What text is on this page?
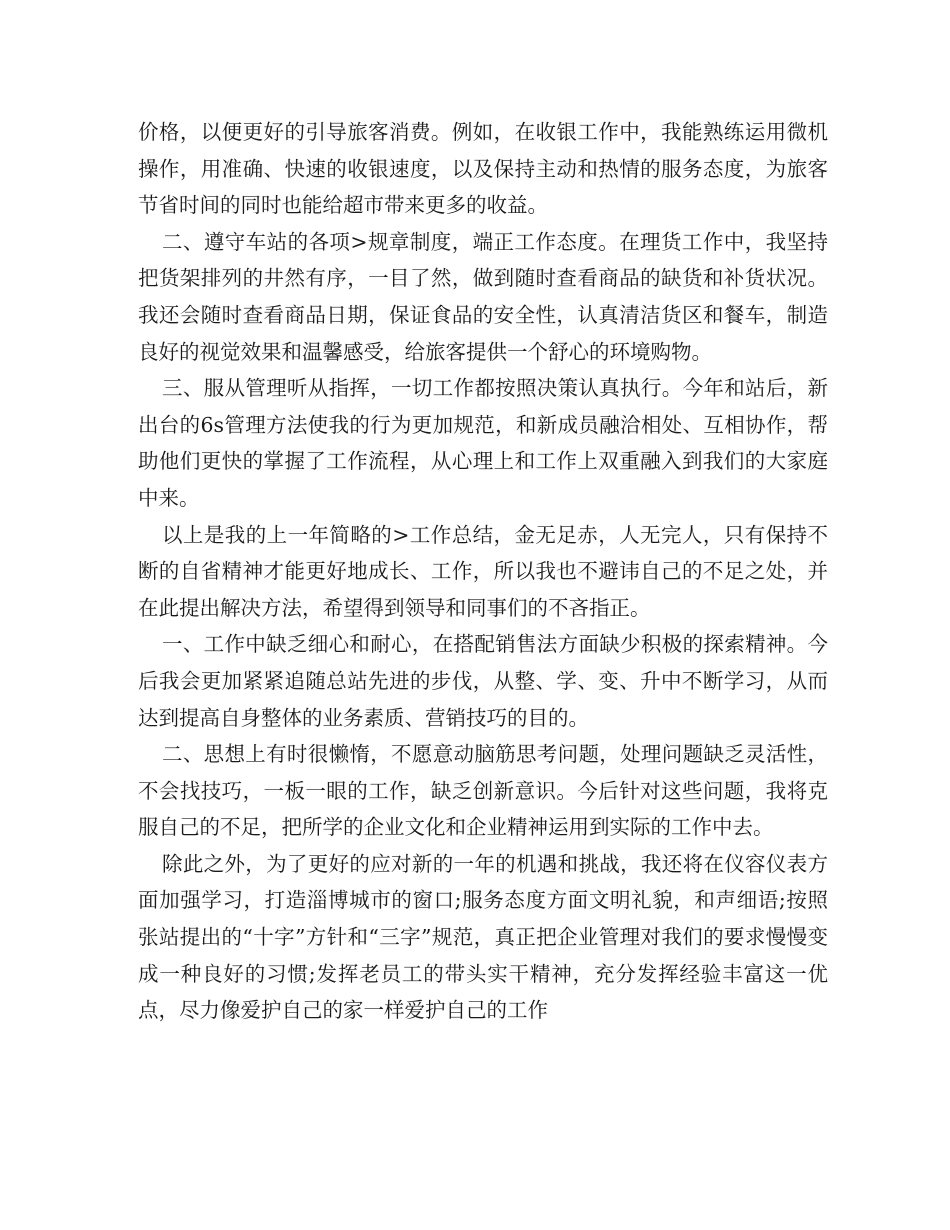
价格，以便更好的引导旅客消费。例如，在收银工作中，我能熟练运用微机操作，用准确、快速的收银速度，以及保持主动和热情的服务态度，为旅客节省时间的同时也能给超市带来更多的收益。

二、遵守车站的各项>规章制度，端正工作态度。在理货工作中，我坚持把货架排列的井然有序，一目了然，做到随时查看商品的缺货和补货状况。我还会随时查看商品日期，保证食品的安全性，认真清洁货区和餐车，制造良好的视觉效果和温馨感受，给旅客提供一个舒心的环境购物。

三、服从管理听从指挥，一切工作都按照决策认真执行。今年和站后，新出台的6s管理方法使我的行为更加规范，和新成员融洽相处、互相协作，帮助他们更快的掌握了工作流程，从心理上和工作上双重融入到我们的大家庭中来。

以上是我的上一年简略的>工作总结，金无足赤，人无完人，只有保持不断的自省精神才能更好地成长、工作，所以我也不避讳自己的不足之处，并在此提出解决方法，希望得到领导和同事们的不吝指正。

一、工作中缺乏细心和耐心，在搭配销售法方面缺少积极的探索精神。今后我会更加紧紧追随总站先进的步伐，从整、学、变、升中不断学习，从而达到提高自身整体的业务素质、营销技巧的目的。

二、思想上有时很懒惰，不愿意动脑筋思考问题，处理问题缺乏灵活性，不会找技巧，一板一眼的工作，缺乏创新意识。今后针对这些问题，我将克服自己的不足，把所学的企业文化和企业精神运用到实际的工作中去。

除此之外，为了更好的应对新的一年的机遇和挑战，我还将在仪容仪表方面加强学习，打造淄博城市的窗口;服务态度方面文明礼貌，和声细语;按照张站提出的“十字”方针和“三字”规范，真正把企业管理对我们的要求慢慢变成一种良好的习惯;发挥老员工的带头实干精神，充分发挥经验丰富这一优点，尽力像爱护自己的家一样爱护自己的工作
